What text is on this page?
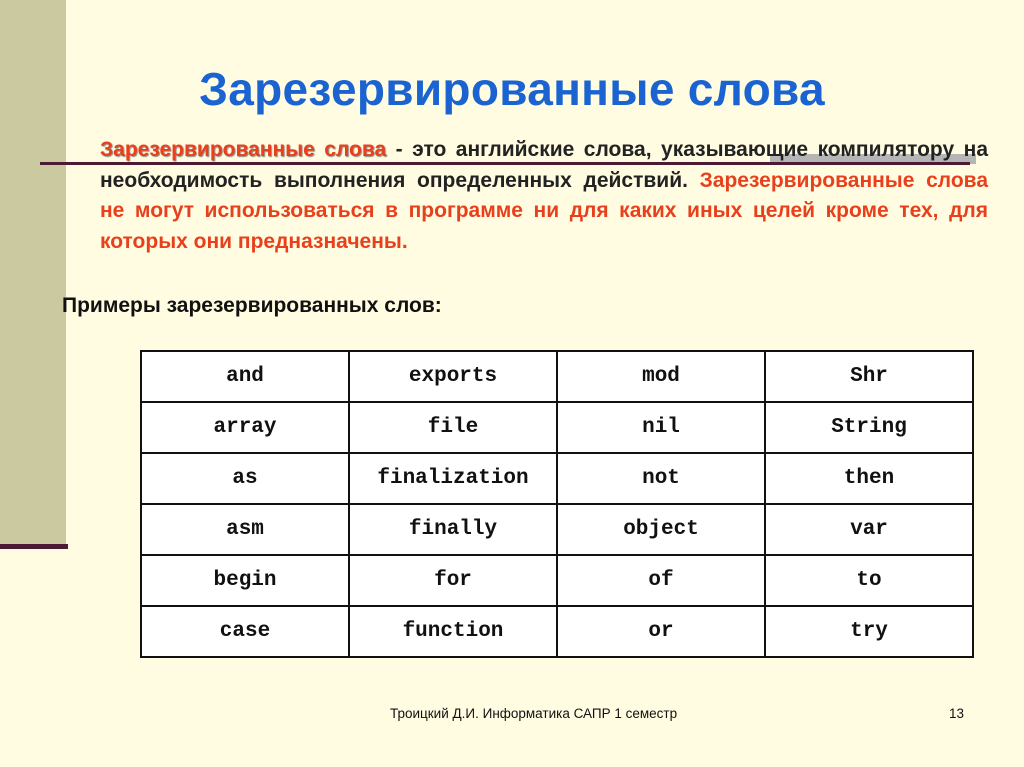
Зарезервированные слова
Зарезервированные слова - это английские слова, указывающие компилятору на необходимость выполнения определенных действий. Зарезервированные слова не могут использоваться в программе ни для каких иных целей кроме тех, для которых они предназначены.
Примеры зарезервированных слов:
and	exports	mod	Shr
array	file	nil	String
as	finalization	not	then
asm	finally	object	var
begin	for	of	to
case	function	or	try
Троицкий Д.И. Информатика САПР 1 семестр	13
